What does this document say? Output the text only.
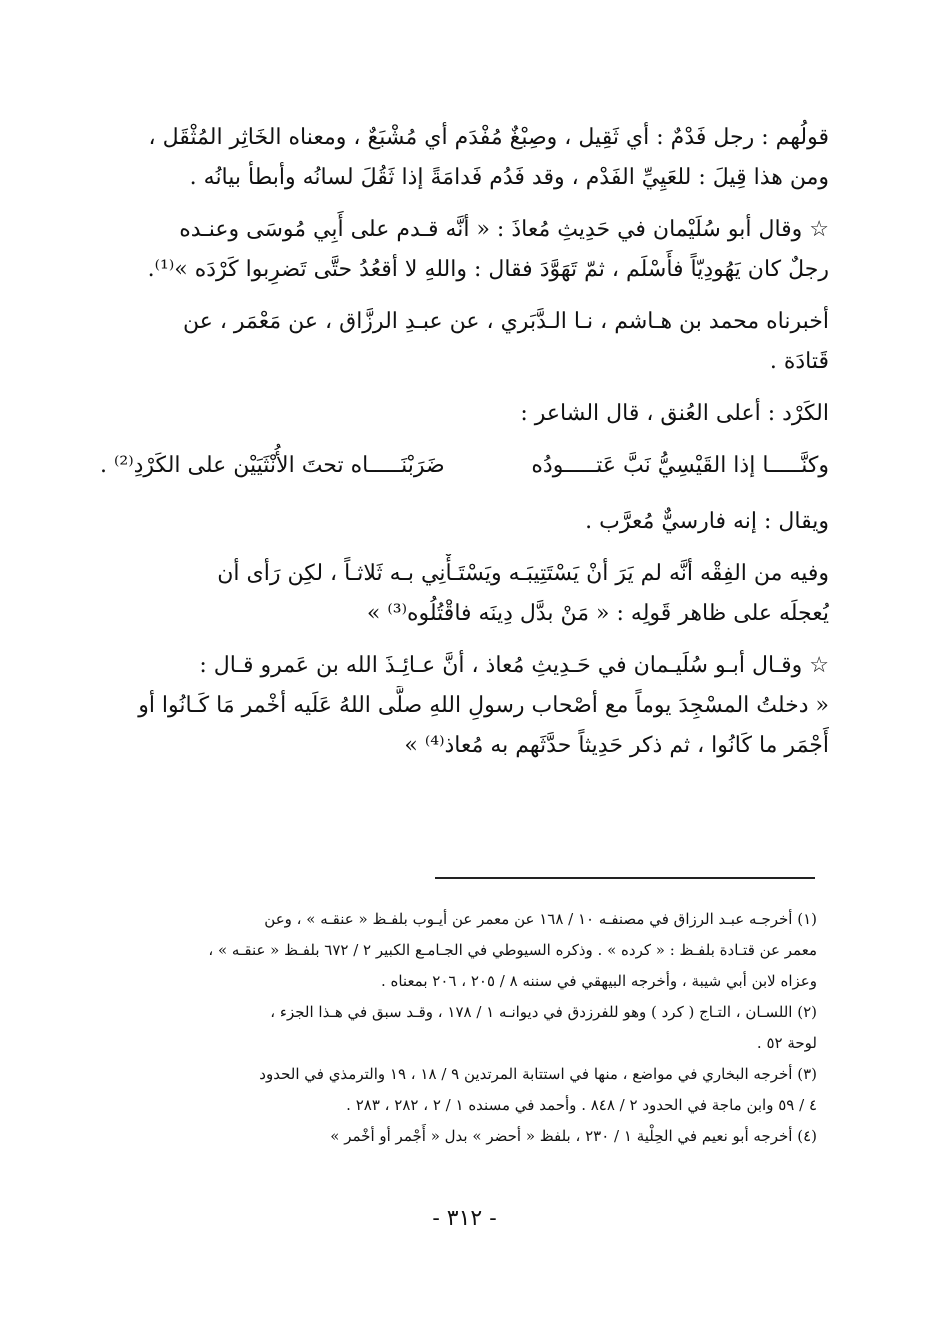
قولُهم : رجل فَدْمٌ : أي ثَقِيل ، وصِبْغٌ مُفْدَم أي مُشْبَعٌ ، ومعناه الخَاثِر المُثْقَل ،
ومن هذا قِيلَ : للعَيِيِّ الفَدْم ، وقد فَدُم فَدامَةً إذا ثَقُلَ لسانُه وأبطأ بيانُه .

☆ وقال أبو سُلَيْمان في حَدِيثِ مُعاذَ : « أنَّه قـدم على أَبِي مُوسَى وعنـده
رجلٌ كان يَهُودِيّاً فأَسْلَم ، ثمّ تَهَوَّدَ فقال : واللهِ لا أقعُدُ حتَّى تَضرِبوا كَرْدَه »⁽¹⁾.

أخبرناه محمد بن هـاشم ، نـا الـدَّبَري ، عن عبـدِ الرزَّاق ، عن مَعْمَر ، عن
قَتادَة .

الكَرْد : أعلى العُنق ، قال الشاعر :

وكنَّـــــا إذا القَيْسِيُّ نَبَّ عَتـــــودُه
ضَرَبْنَـــــاه تحتَ الأُنْثَيَيْن على الكَرْدِ⁽²⁾ .

ويقال : إنه فارسيٌّ مُعرَّب .

وفيه من الفِقْه أنَّه لم يَرَ أنْ يَسْتَتِيبَـه ويَسْتَـأْنِي بـه ثَلاثـاً ، لكِن رَأى أن
يُعجلَه على ظاهر قَولِه : « مَنْ بدَّل دِينَه فاقْتُلُوه⁽³⁾ »

☆ وقـال أبـو سُلَيـمان في حَـدِيثِ مُعاذ ، أنَّ عـائِـذَ الله بن عَمرو قـال :
« دخلتُ المسْجِدَ يوماً مع أصْحاب رسولِ اللهِ صلَّى اللهُ عَلَيه أخْمر مَا كَـانُوا أو
أَجْمَر ما كَانُوا ، ثم ذكر حَدِيثاً حدَّثَهم به مُعاذ⁽⁴⁾ »

(١) أخرجـه عبـد الرزاق في مصنفـه ١٠ / ١٦٨ عن معمر عن أيـوب بلفـظ « عنقـه » ، وعن
معمر عن قتـادة بلفـظ : « كرده » . وذكره السيوطي في الجـامـع الكبير ٢ / ٦٧٢ بلفـظ « عنقـه » ،
وعزاه لابن أبي شيبة ، وأخرجه البيهقي في سننه ٨ / ٢٠٥ ، ٢٠٦ بمعناه .

(٢) اللسـان ، التـاج ( كرد ) وهو للفرزدق في ديوانـه ١ / ١٧٨ ، وقـد سبق في هـذا الجزء ،
لوحة ٥٢ .

(٣) أخرجه البخاري في مواضع ، منها في استتابة المرتدين ٩ / ١٨ ، ١٩ والترمذي في الحدود
٤ / ٥٩ وابن ماجة في الحدود ٢ / ٨٤٨ . وأحمد في مسنده ١ / ٢ ، ٢٨٢ ، ٢٨٣ .

(٤) أخرجه أبو نعيم في الحِلْية ١ / ٢٣٠ ، بلفظ « أحضر » بدل « أَجْمر أو أخْمر »

- ٣١٢ -
